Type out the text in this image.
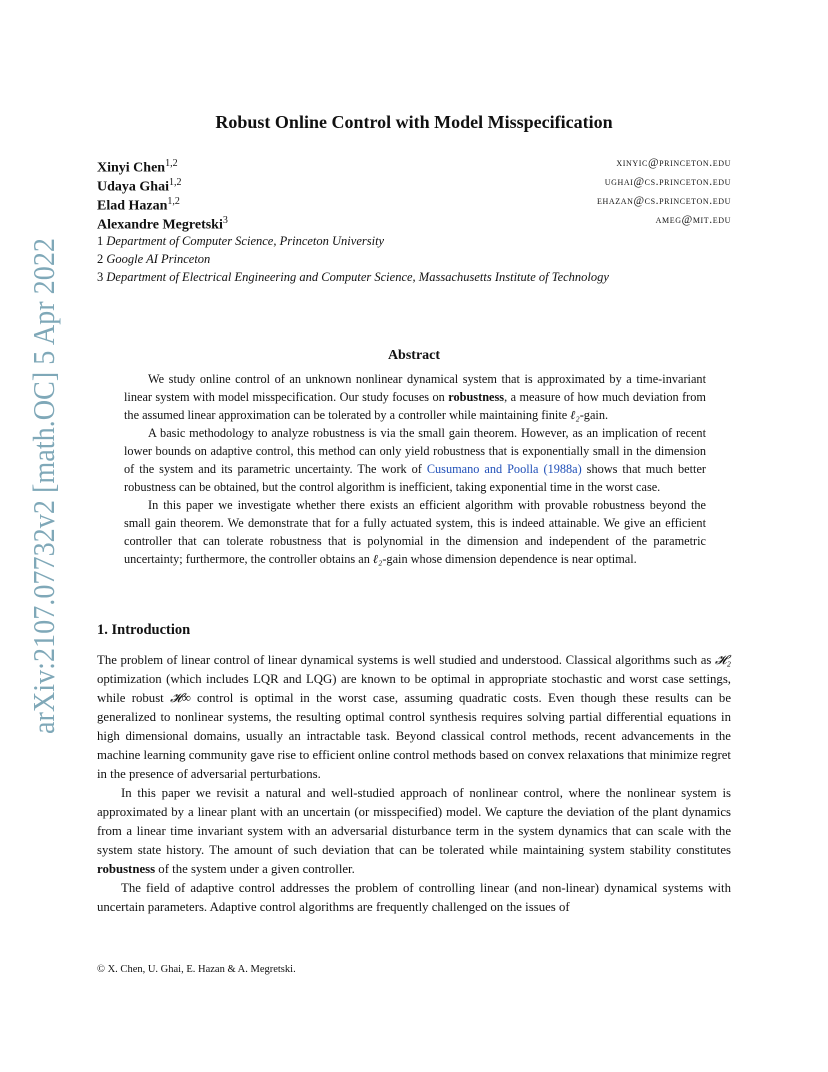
arXiv:2107.07732v2 [math.OC] 5 Apr 2022
Robust Online Control with Model Misspecification
Xinyi Chen$^{1,2}$	xinyic@princeton.edu
Udaya Ghai$^{1,2}$	ughai@cs.princeton.edu
Elad Hazan$^{1,2}$	ehazan@cs.princeton.edu
Alexandre Megretski$^3$	ameg@mit.edu
1 Department of Computer Science, Princeton University
2 Google AI Princeton
3 Department of Electrical Engineering and Computer Science, Massachusetts Institute of Technology
Abstract

We study online control of an unknown nonlinear dynamical system that is approximated by a time-invariant linear system with model misspecification. Our study focuses on robustness, a measure of how much deviation from the assumed linear approximation can be tolerated by a controller while maintaining finite ℓ₂-gain.

A basic methodology to analyze robustness is via the small gain theorem. However, as an implication of recent lower bounds on adaptive control, this method can only yield robustness that is exponentially small in the dimension of the system and its parametric uncertainty. The work of Cusumano and Poolla (1988a) shows that much better robustness can be obtained, but the control algorithm is inefficient, taking exponential time in the worst case.

In this paper we investigate whether there exists an efficient algorithm with provable robustness beyond the small gain theorem. We demonstrate that for a fully actuated system, this is indeed attainable. We give an efficient controller that can tolerate robustness that is polynomial in the dimension and independent of the parametric uncertainty; furthermore, the controller obtains an ℓ₂-gain whose dimension dependence is near optimal.

1. Introduction

The problem of linear control of linear dynamical systems is well studied and understood. Classical algorithms such as 𝓗₂ optimization (which includes LQR and LQG) are known to be optimal in appropriate stochastic and worst case settings, while robust 𝓗∞ control is optimal in the worst case, assuming quadratic costs. Even though these results can be generalized to nonlinear systems, the resulting optimal control synthesis requires solving partial differential equations in high dimensional domains, usually an intractable task. Beyond classical control methods, recent advancements in the machine learning community gave rise to efficient online control methods based on convex relaxations that minimize regret in the presence of adversarial perturbations.

In this paper we revisit a natural and well-studied approach of nonlinear control, where the nonlinear system is approximated by a linear plant with an uncertain (or misspecified) model. We capture the deviation of the plant dynamics from a linear time invariant system with an adversarial disturbance term in the system dynamics that can scale with the system state history. The amount of such deviation that can be tolerated while maintaining system stability constitutes robustness of the system under a given controller.

The field of adaptive control addresses the problem of controlling linear (and non-linear) dynamical systems with uncertain parameters. Adaptive control algorithms are frequently challenged on the issues of

© X. Chen, U. Ghai, E. Hazan & A. Megretski.
